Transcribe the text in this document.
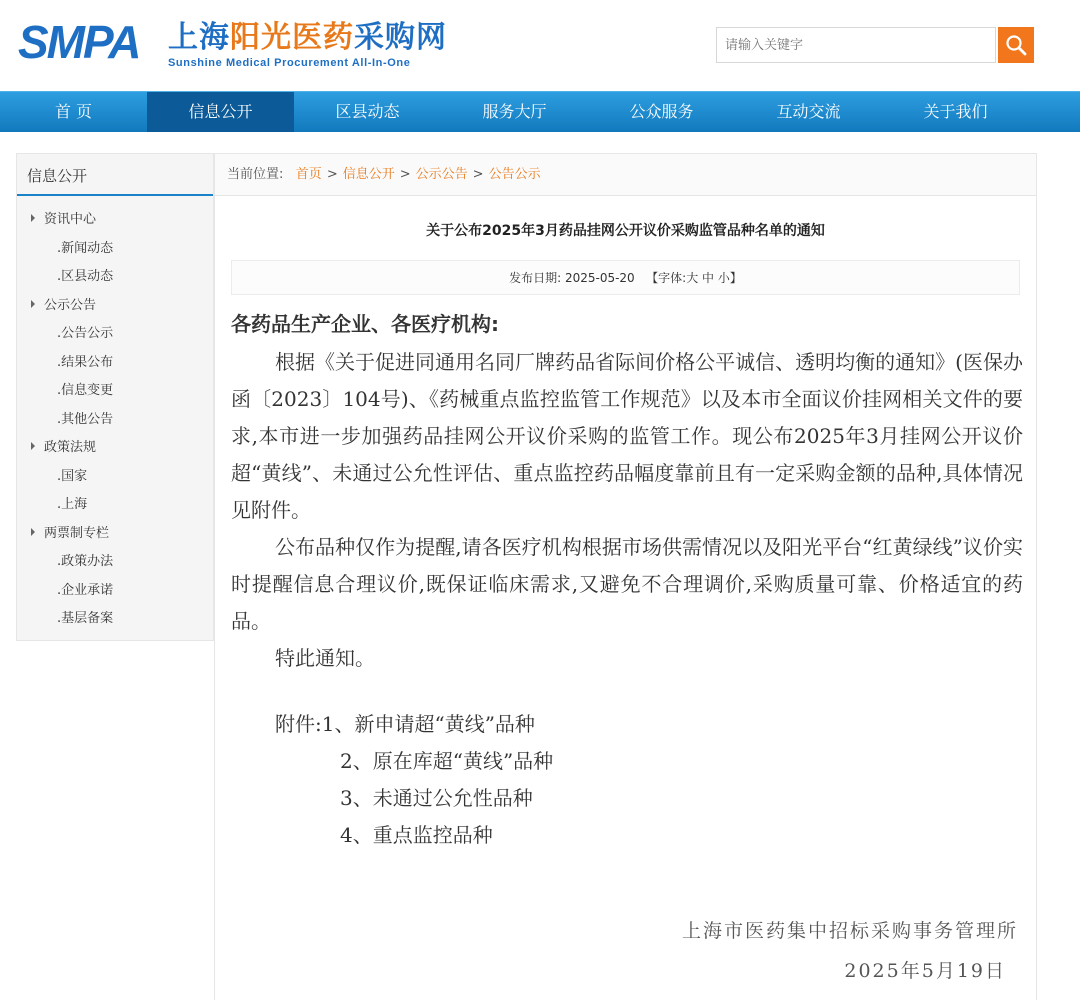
SMPA 上海阳光医药采购网
Sunshine Medical Procurement All-In-One
请输入关键字
首 页	信息公开	区县动态	服务大厅	公众服务	互动交流	关于我们
信息公开
资讯中心
.新闻动态
.区县动态
公示公告
.公告公示
.结果公布
.信息变更
.其他公告
政策法规
.国家
.上海
两票制专栏
.政策办法
.企业承诺
.基层备案
当前位置: 首页 > 信息公开 > 公示公告 > 公告公示
关于公布2025年3月药品挂网公开议价采购监管品种名单的通知
发布日期: 2025-05-20 【字体:大 中 小】
各药品生产企业、各医疗机构:

根据《关于促进同通用名同厂牌药品省际间价格公平诚信、透明均衡的通知》(医保办函〔2023〕104号)、《药械重点监控监管工作规范》以及本市全面议价挂网相关文件的要求,本市进一步加强药品挂网公开议价采购的监管工作。现公布2025年3月挂网公开议价超“黄线”、未通过公允性评估、重点监控药品幅度靠前且有一定采购金额的品种,具体情况见附件。

公布品种仅作为提醒,请各医疗机构根据市场供需情况以及阳光平台“红黄绿线”议价实时提醒信息合理议价,既保证临床需求,又避免不合理调价,采购质量可靠、价格适宜的药品。

特此通知。

附件:1、新申请超“黄线”品种
2、原在库超“黄线”品种
3、未通过公允性品种
4、重点监控品种
上海市医药集中招标采购事务管理所
2025年5月19日
